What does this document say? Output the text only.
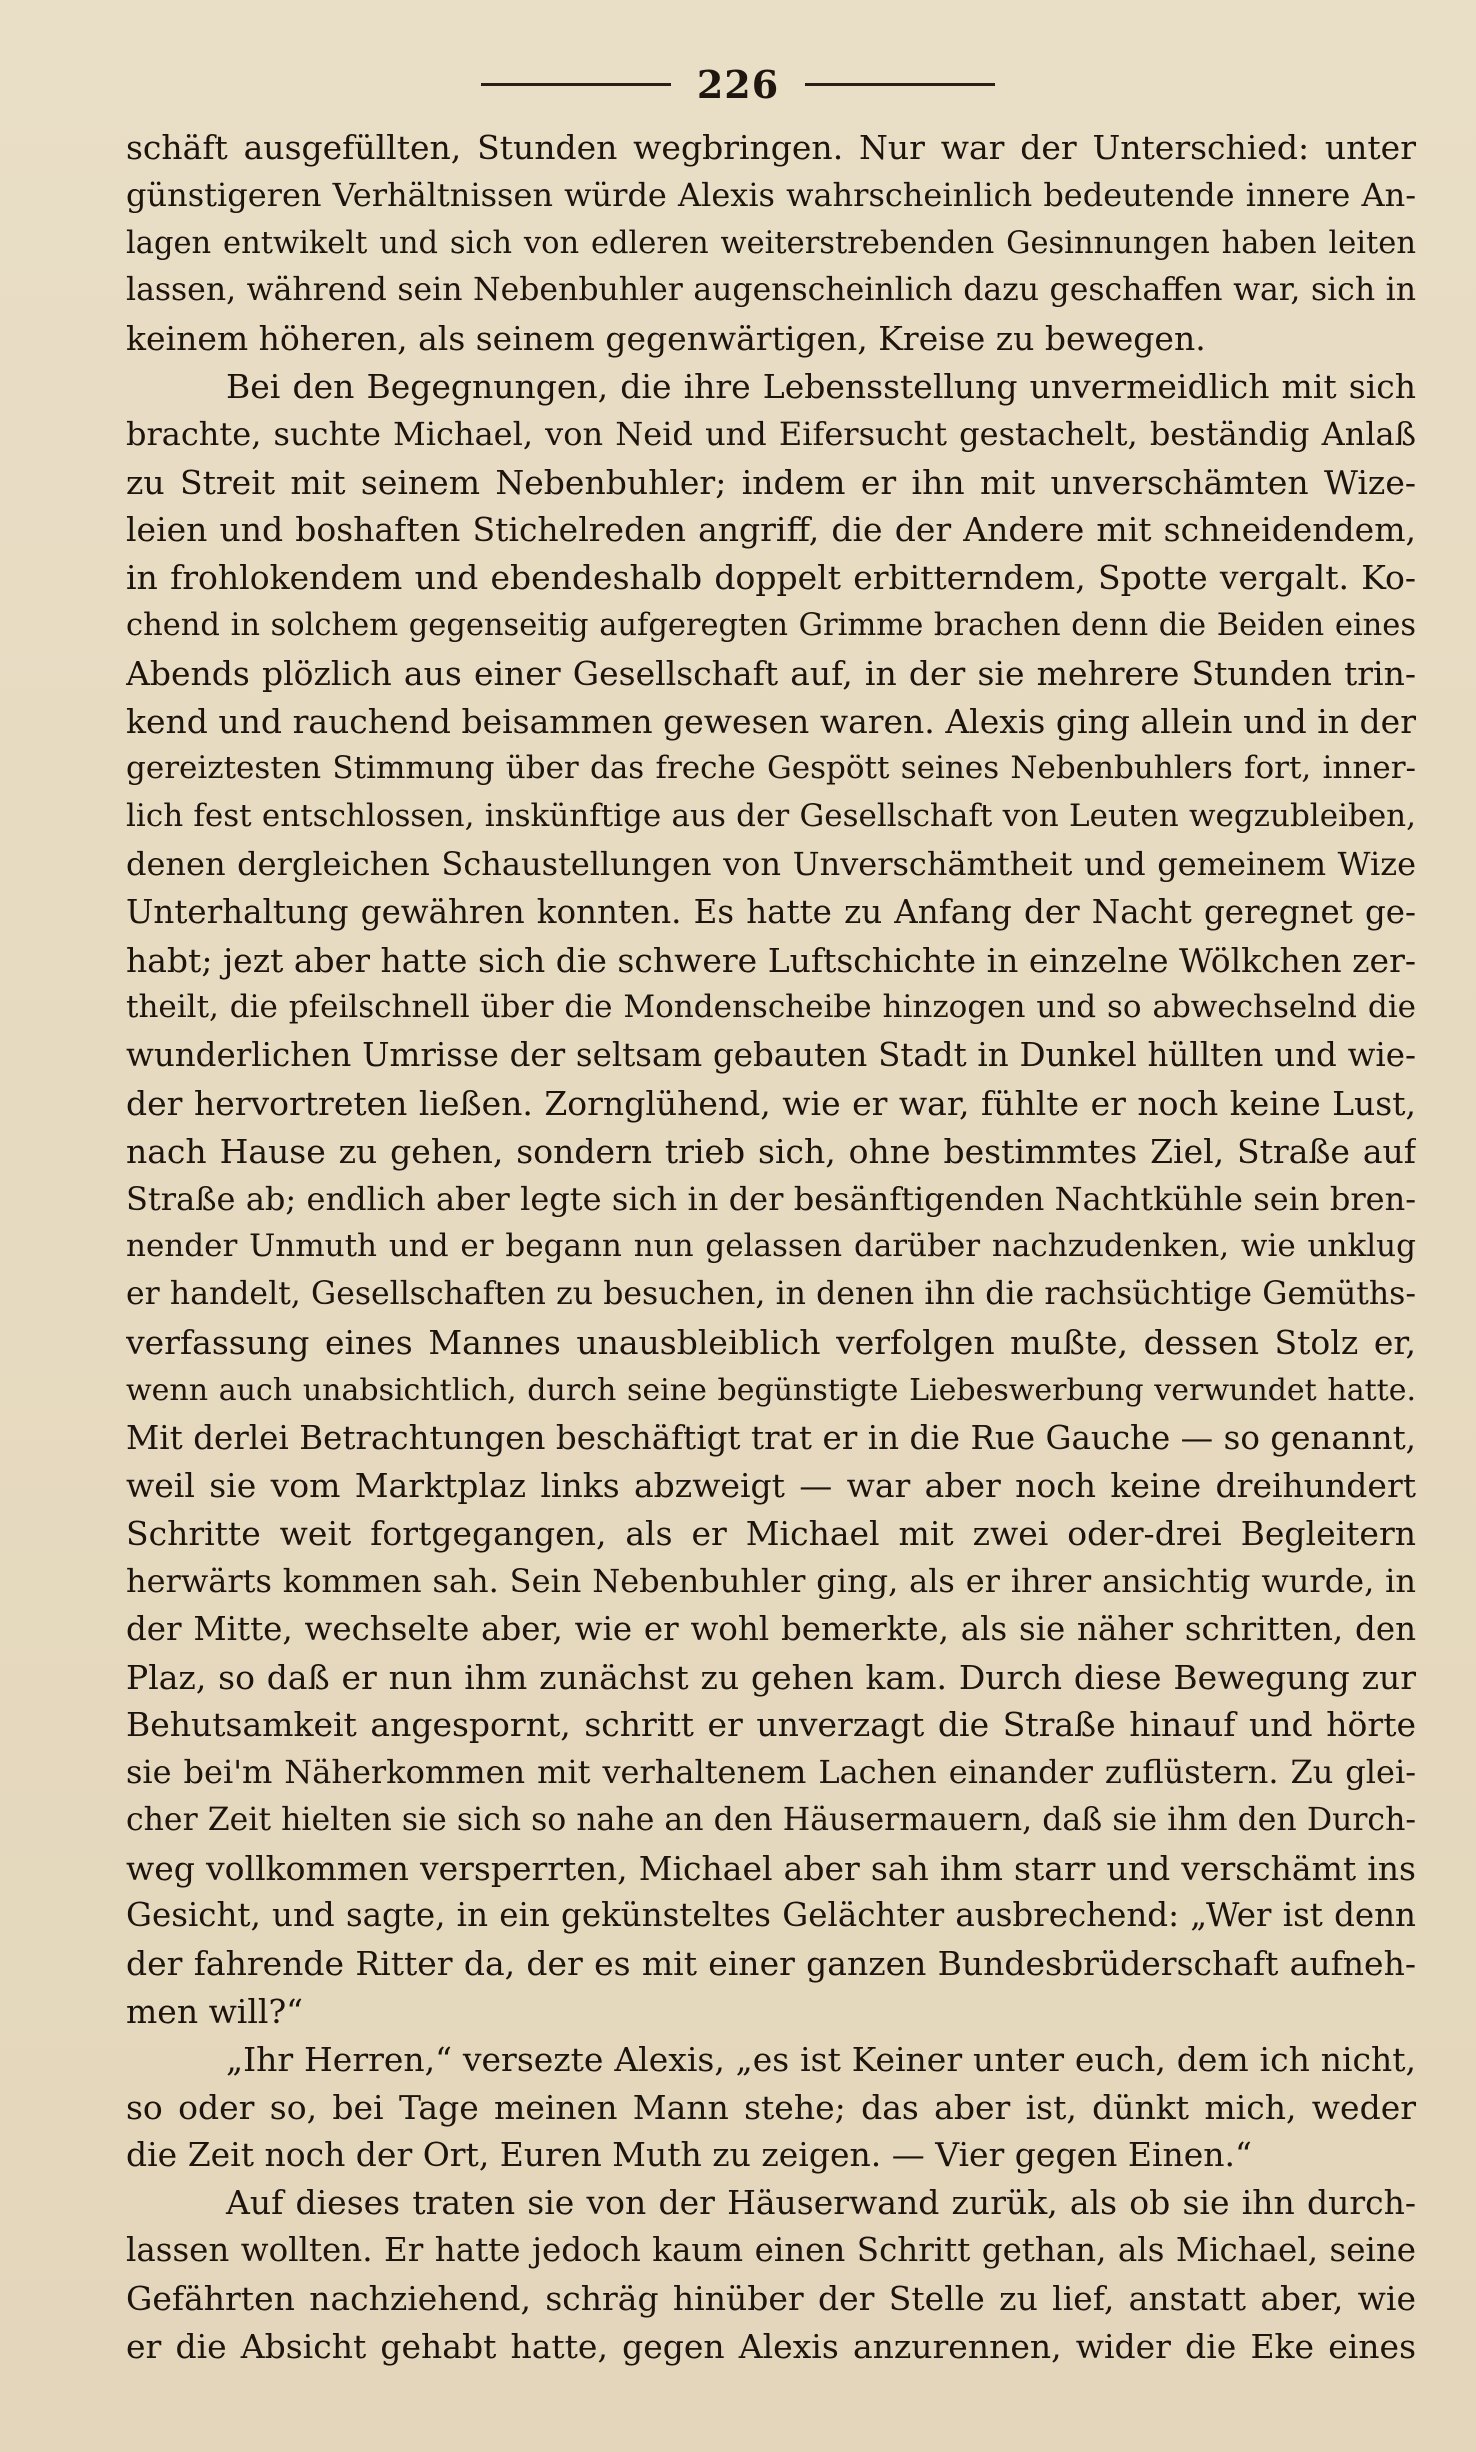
226
schäft ausgefüllten, Stunden wegbringen. Nur war der Unterschied: unter
günstigeren Verhältnissen würde Alexis wahrscheinlich bedeutende innere An-
lagen entwikelt und sich von edleren weiterstrebenden Gesinnungen haben leiten
lassen, während sein Nebenbuhler augenscheinlich dazu geschaffen war, sich in
keinem höheren, als seinem gegenwärtigen, Kreise zu bewegen.
Bei den Begegnungen, die ihre Lebensstellung unvermeidlich mit sich
brachte, suchte Michael, von Neid und Eifersucht gestachelt, beständig Anlaß
zu Streit mit seinem Nebenbuhler; indem er ihn mit unverschämten Wize-
leien und boshaften Stichelreden angriff, die der Andere mit schneidendem,
in frohlokendem und ebendeshalb doppelt erbitterndem, Spotte vergalt. Ko-
chend in solchem gegenseitig aufgeregten Grimme brachen denn die Beiden eines
Abends plözlich aus einer Gesellschaft auf, in der sie mehrere Stunden trin-
kend und rauchend beisammen gewesen waren. Alexis ging allein und in der
gereiztesten Stimmung über das freche Gespött seines Nebenbuhlers fort, inner-
lich fest entschlossen, inskünftige aus der Gesellschaft von Leuten wegzubleiben,
denen dergleichen Schaustellungen von Unverschämtheit und gemeinem Wize
Unterhaltung gewähren konnten. Es hatte zu Anfang der Nacht geregnet ge-
habt; jezt aber hatte sich die schwere Luftschichte in einzelne Wölkchen zer-
theilt, die pfeilschnell über die Mondenscheibe hinzogen und so abwechselnd die
wunderlichen Umrisse der seltsam gebauten Stadt in Dunkel hüllten und wie-
der hervortreten ließen. Zornglühend, wie er war, fühlte er noch keine Lust,
nach Hause zu gehen, sondern trieb sich, ohne bestimmtes Ziel, Straße auf
Straße ab; endlich aber legte sich in der besänftigenden Nachtkühle sein bren-
nender Unmuth und er begann nun gelassen darüber nachzudenken, wie unklug
er handelt, Gesellschaften zu besuchen, in denen ihn die rachsüchtige Gemüths-
verfassung eines Mannes unausbleiblich verfolgen mußte, dessen Stolz er,
wenn auch unabsichtlich, durch seine begünstigte Liebeswerbung verwundet hatte.
Mit derlei Betrachtungen beschäftigt trat er in die Rue Gauche — so genannt,
weil sie vom Marktplaz links abzweigt — war aber noch keine dreihundert
Schritte weit fortgegangen, als er Michael mit zwei oder-drei Begleitern
herwärts kommen sah. Sein Nebenbuhler ging, als er ihrer ansichtig wurde, in
der Mitte, wechselte aber, wie er wohl bemerkte, als sie näher schritten, den
Plaz, so daß er nun ihm zunächst zu gehen kam. Durch diese Bewegung zur
Behutsamkeit angespornt, schritt er unverzagt die Straße hinauf und hörte
sie bei'm Näherkommen mit verhaltenem Lachen einander zuflüstern. Zu glei-
cher Zeit hielten sie sich so nahe an den Häusermauern, daß sie ihm den Durch-
weg vollkommen versperrten, Michael aber sah ihm starr und verschämt ins
Gesicht, und sagte, in ein gekünsteltes Gelächter ausbrechend: „Wer ist denn
der fahrende Ritter da, der es mit einer ganzen Bundesbrüderschaft aufneh-
men will?“
„Ihr Herren,“ versezte Alexis, „es ist Keiner unter euch, dem ich nicht,
so oder so, bei Tage meinen Mann stehe; das aber ist, dünkt mich, weder
die Zeit noch der Ort, Euren Muth zu zeigen. — Vier gegen Einen.“
Auf dieses traten sie von der Häuserwand zurük, als ob sie ihn durch-
lassen wollten. Er hatte jedoch kaum einen Schritt gethan, als Michael, seine
Gefährten nachziehend, schräg hinüber der Stelle zu lief, anstatt aber, wie
er die Absicht gehabt hatte, gegen Alexis anzurennen, wider die Eke eines
